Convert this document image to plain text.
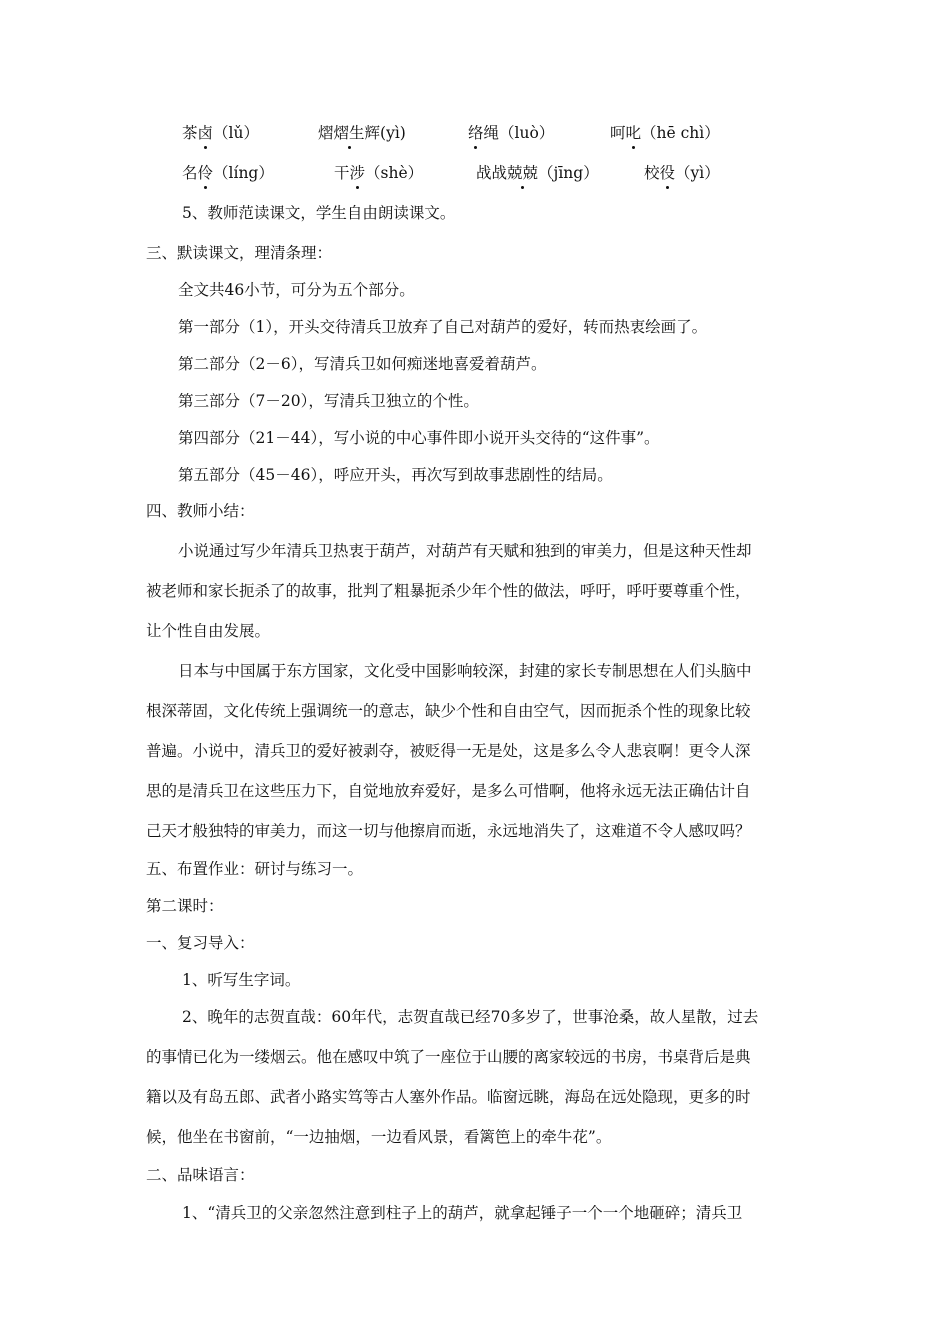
茶卤（lǔ）	熠熠生辉(yì)	络绳（luò）	呵叱（hē chì）
名伶（líng）	干涉（shè）	战战兢兢（jīng）	校役（yì）
5、教师范读课文，学生自由朗读课文。
三、默读课文，理清条理：
全文共46小节，可分为五个部分。
第一部分（1），开头交待清兵卫放弃了自己对葫芦的爱好，转而热衷绘画了。
第二部分（2－6），写清兵卫如何痴迷地喜爱着葫芦。
第三部分（7－20），写清兵卫独立的个性。
第四部分（21－44），写小说的中心事件即小说开头交待的“这件事”。
第五部分（45－46），呼应开头，再次写到故事悲剧性的结局。
四、教师小结：
小说通过写少年清兵卫热衷于葫芦，对葫芦有天赋和独到的审美力，但是这种天性却
被老师和家长扼杀了的故事，批判了粗暴扼杀少年个性的做法，呼吁，呼吁要尊重个性，
让个性自由发展。
日本与中国属于东方国家，文化受中国影响较深，封建的家长专制思想在人们头脑中
根深蒂固，文化传统上强调统一的意志，缺少个性和自由空气，因而扼杀个性的现象比较
普遍。小说中，清兵卫的爱好被剥夺，被贬得一无是处，这是多么令人悲哀啊！更令人深
思的是清兵卫在这些压力下，自觉地放弃爱好，是多么可惜啊，他将永远无法正确估计自
己天才般独特的审美力，而这一切与他擦肩而逝，永远地消失了，这难道不令人感叹吗？
五、布置作业：研讨与练习一。
第二课时：
一、复习导入：
1、听写生字词。
2、晚年的志贺直哉：60年代，志贺直哉已经70多岁了，世事沧桑，故人星散，过去
的事情已化为一缕烟云。他在感叹中筑了一座位于山腰的离家较远的书房，书桌背后是典
籍以及有岛五郎、武者小路实笃等古人塞外作品。临窗远眺，海岛在远处隐现，更多的时
候，他坐在书窗前，“一边抽烟，一边看风景，看篱笆上的牵牛花”。
二、品味语言：
1、“清兵卫的父亲忽然注意到柱子上的葫芦，就拿起锤子一个一个地砸碎；清兵卫
